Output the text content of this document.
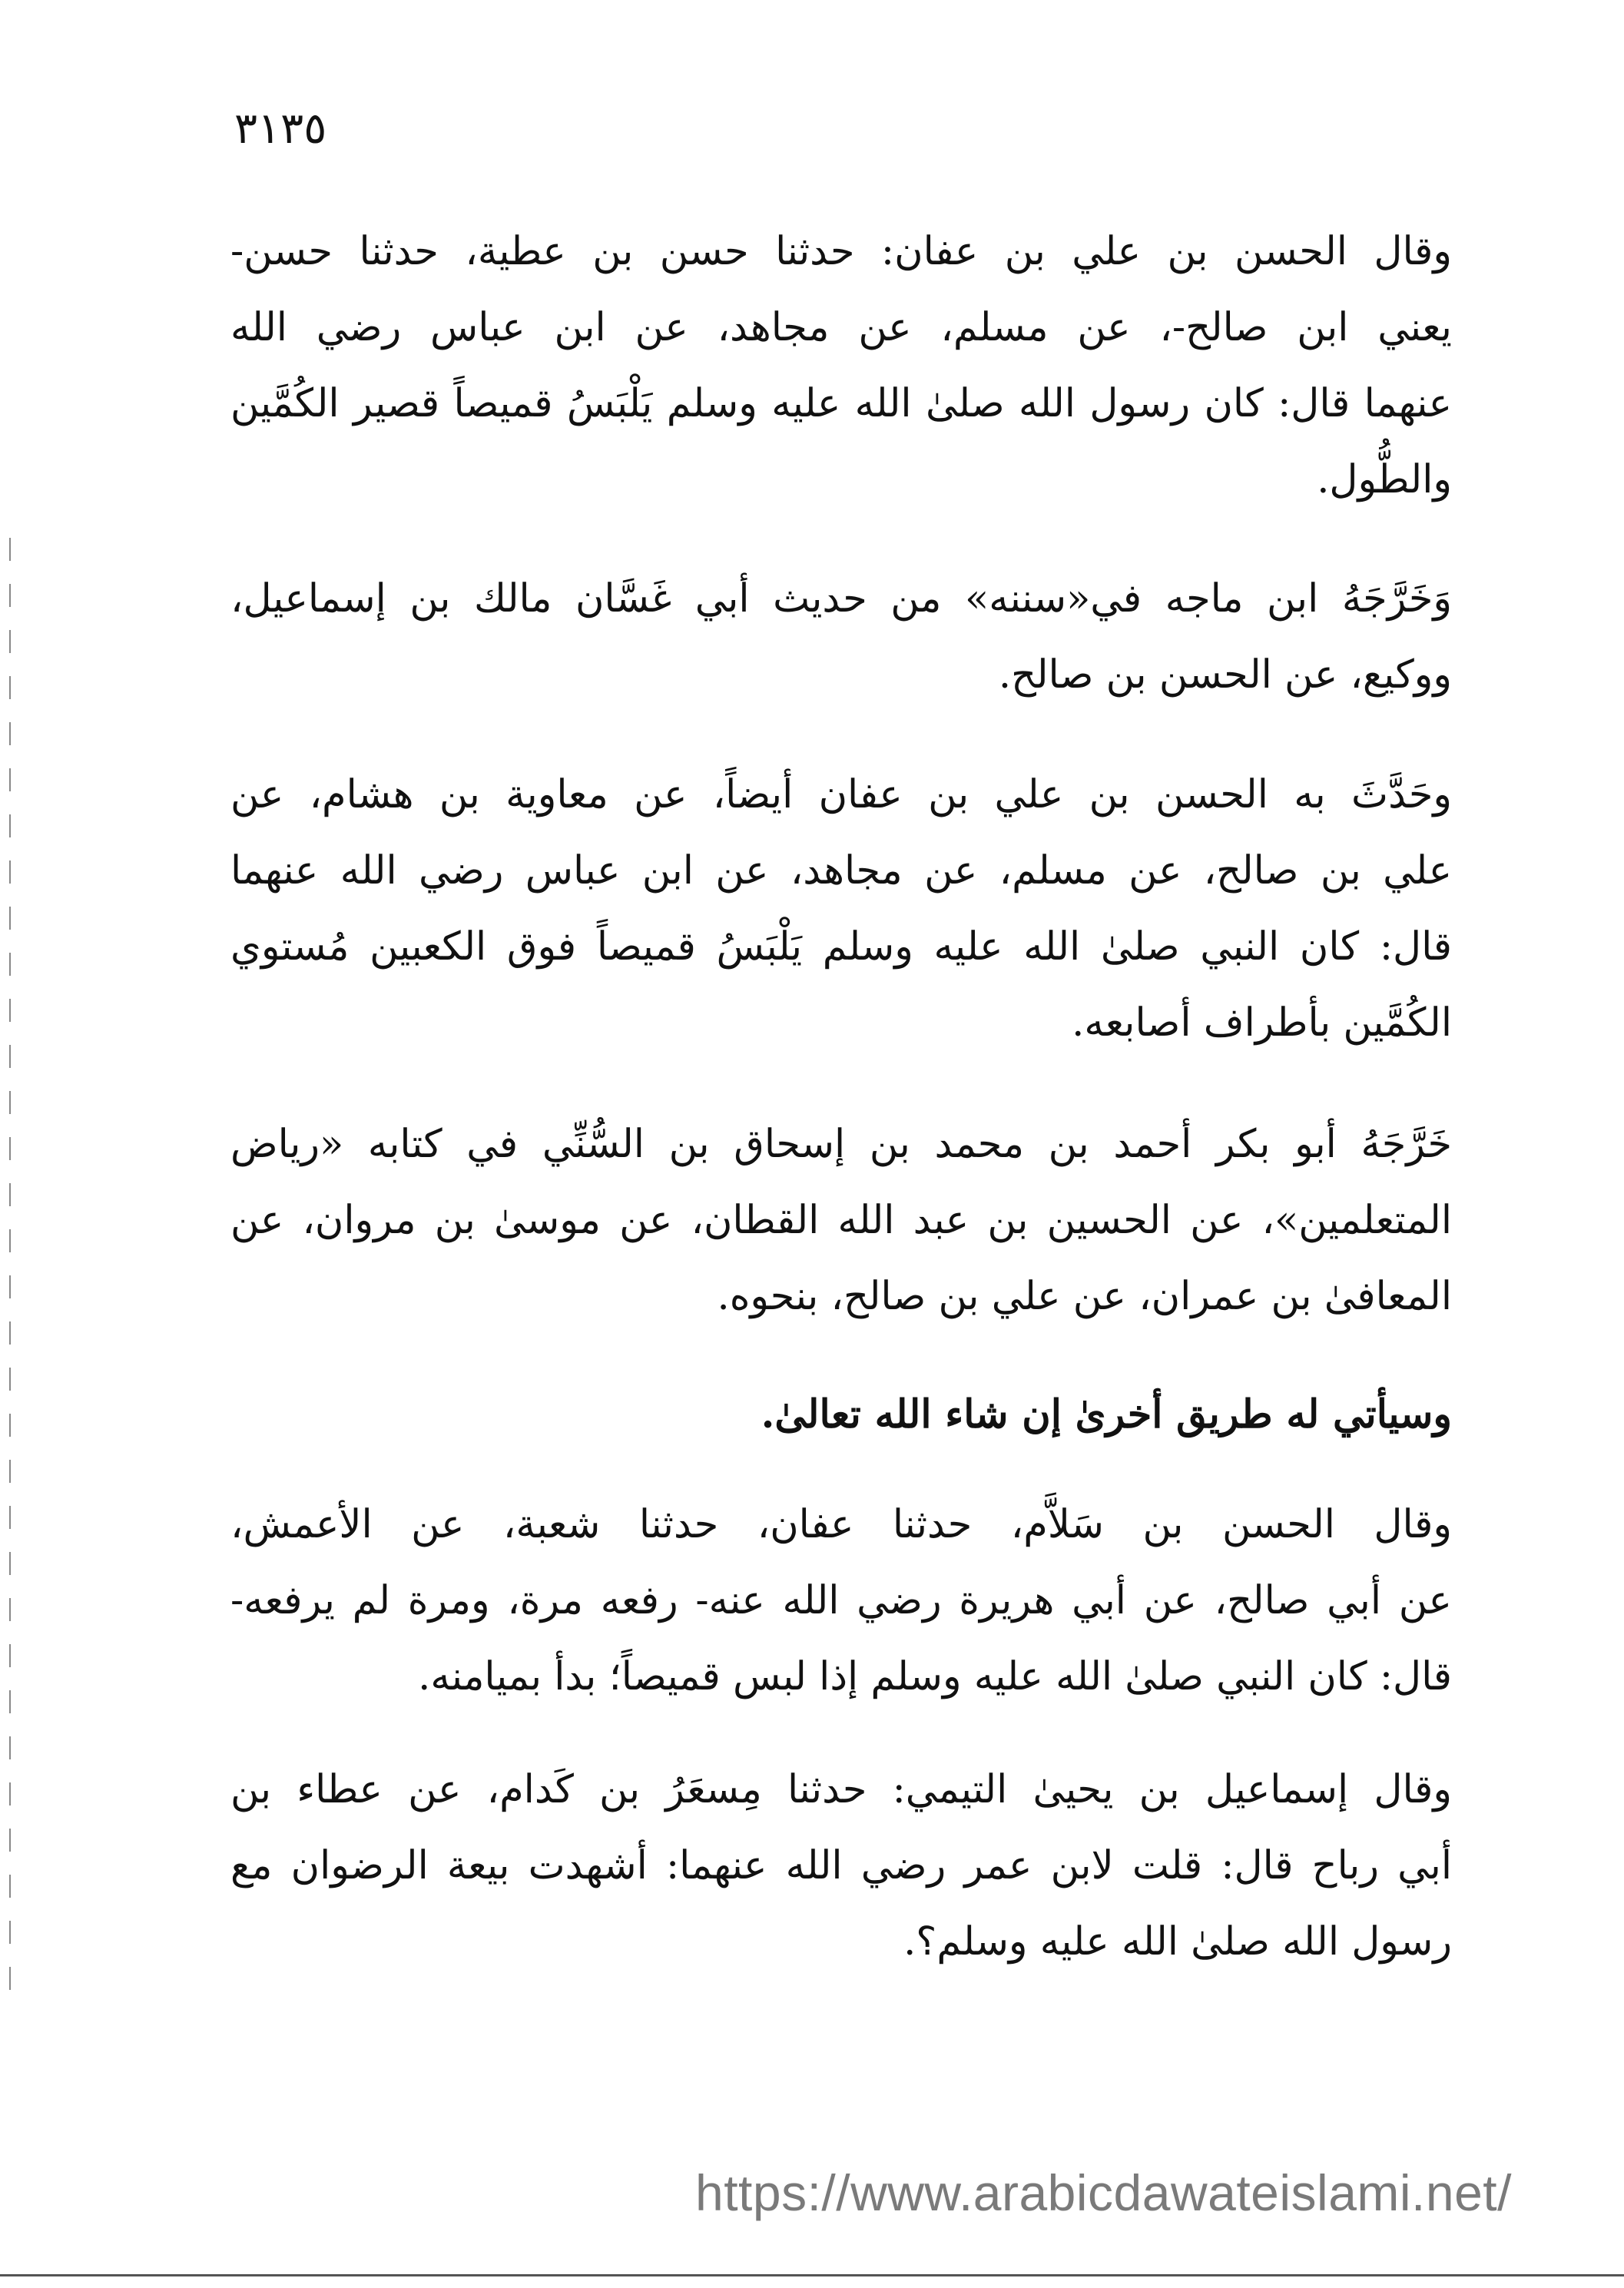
٣١٣٥
وقال الحسن بن علي بن عفان: حدثنا حسن بن عطية، حدثنا حسن-
يعني ابن صالح-، عن مسلم، عن مجاهد، عن ابن عباس رضي الله
عنهما قال: كان رسول الله صلىٰ الله عليه وسلم يَلْبَسُ قميصاً قصير الكُمَّين
والطُّول.
وَخَرَّجَهُ ابن ماجه في«سننه» من حديث أبي غَسَّان مالك بن إسماعيل،
ووكيع، عن الحسن بن صالح.
وحَدَّثَ به الحسن بن علي بن عفان أيضاً، عن معاوية بن هشام، عن
علي بن صالح، عن مسلم، عن مجاهد، عن ابن عباس رضي الله عنهما
قال: كان النبي صلىٰ الله عليه وسلم يَلْبَسُ قميصاً فوق الكعبين مُستوي
الكُمَّين بأطراف أصابعه.
خَرَّجَهُ أبو بكر أحمد بن محمد بن إسحاق بن السُّنِّي في كتابه «رياض
المتعلمين»، عن الحسين بن عبد الله القطان، عن موسىٰ بن مروان، عن
المعافىٰ بن عمران، عن علي بن صالح، بنحوه.
وسيأتي له طريق أخرىٰ إن شاء الله تعالىٰ.
وقال الحسن بن سَلاَّم، حدثنا عفان، حدثنا شعبة، عن الأعمش،
عن أبي صالح، عن أبي هريرة رضي الله عنه- رفعه مرة، ومرة لم يرفعه-
قال: كان النبي صلىٰ الله عليه وسلم إذا لبس قميصاً؛ بدأ بميامنه.
وقال إسماعيل بن يحيىٰ التيمي: حدثنا مِسعَرُ بن كَدام، عن عطاء بن
أبي رباح قال: قلت لابن عمر رضي الله عنهما: أشهدت بيعة الرضوان مع
رسول الله صلىٰ الله عليه وسلم؟.
https://www.arabicdawateislami.net/
